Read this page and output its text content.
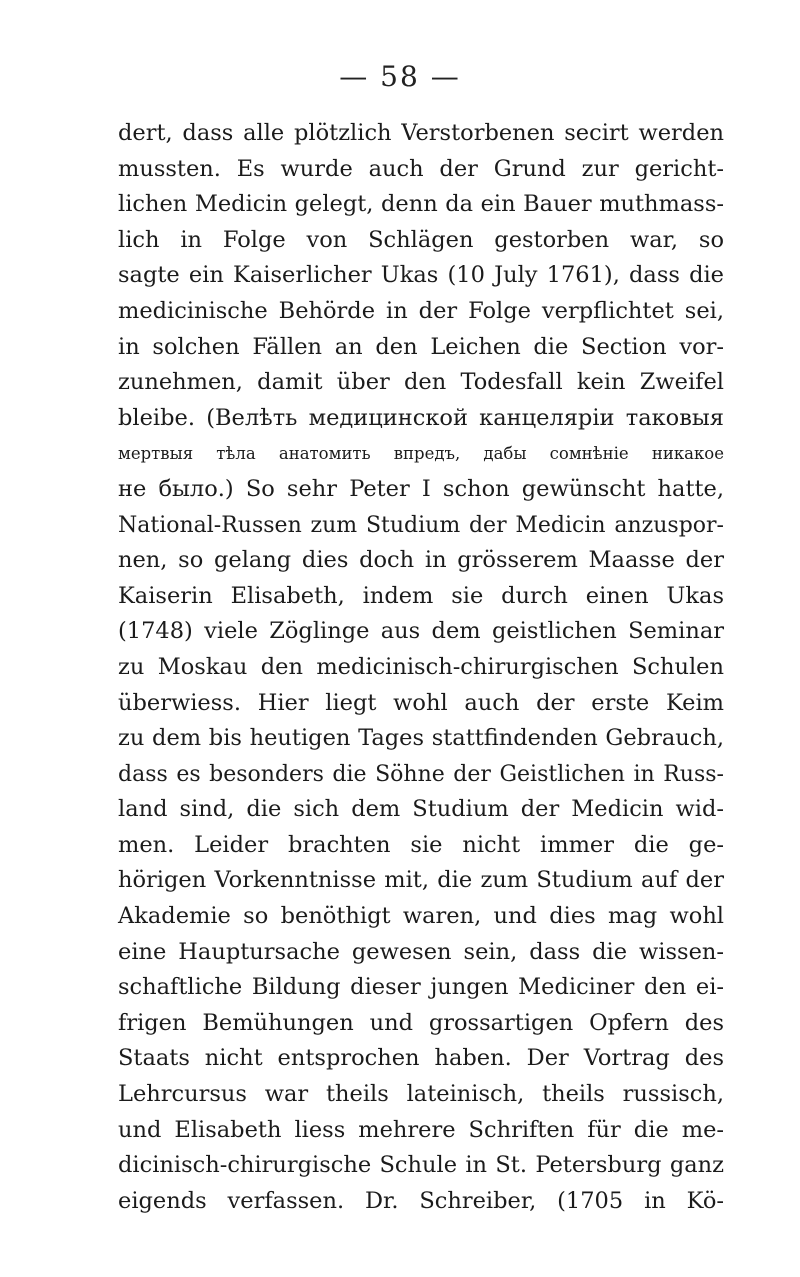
— 58 —
dert, dass alle plötzlich Verstorbenen secirt werden
mussten. Es wurde auch der Grund zur gericht-
lichen Medicin gelegt, denn da ein Bauer muthmass-
lich in Folge von Schlägen gestorben war, so
sagte ein Kaiserlicher Ukas (10 July 1761), dass die
medicinische Behörde in der Folge verpflichtet sei,
in solchen Fällen an den Leichen die Section vor-
zunehmen, damit über den Todesfall kein Zweifel
bleibe. (Велѣть медицинской канцеляріи таковыя
мертвыя тѣла анатомить впредъ, дабы сомнѣніе никакое
не было.) So sehr Peter I schon gewünscht hatte,
National-Russen zum Studium der Medicin anzuspor-
nen, so gelang dies doch in grösserem Maasse der
Kaiserin Elisabeth, indem sie durch einen Ukas
(1748) viele Zöglinge aus dem geistlichen Seminar
zu Moskau den medicinisch-chirurgischen Schulen
überwiess. Hier liegt wohl auch der erste Keim
zu dem bis heutigen Tages stattfindenden Gebrauch,
dass es besonders die Söhne der Geistlichen in Russ-
land sind, die sich dem Studium der Medicin wid-
men. Leider brachten sie nicht immer die ge-
hörigen Vorkenntnisse mit, die zum Studium auf der
Akademie so benöthigt waren, und dies mag wohl
eine Hauptursache gewesen sein, dass die wissen-
schaftliche Bildung dieser jungen Mediciner den ei-
frigen Bemühungen und grossartigen Opfern des
Staats nicht entsprochen haben. Der Vortrag des
Lehrcursus war theils lateinisch, theils russisch,
und Elisabeth liess mehrere Schriften für die me-
dicinisch-chirurgische Schule in St. Petersburg ganz
eigends verfassen. Dr. Schreiber, (1705 in Kö-
